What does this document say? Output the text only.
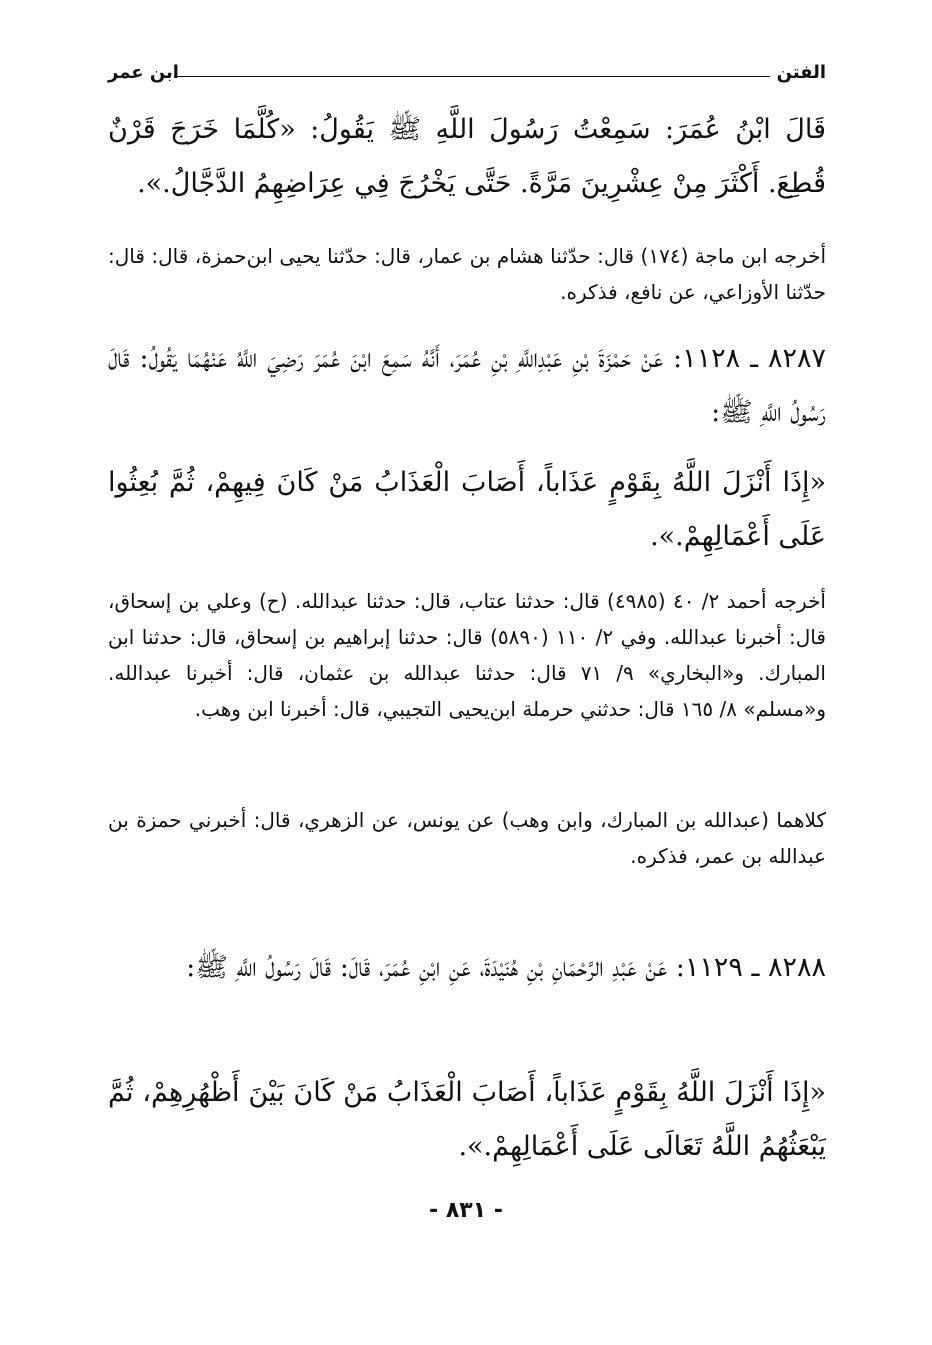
الفتن
ابن عمر
قَالَ ابْنُ عُمَرَ: سَمِعْتُ رَسُولَ اللَّهِ ﷺ يَقُولُ: «كُلَّمَا خَرَجَ قَرْنٌ قُطِعَ. أَكْثَرَ مِنْ عِشْرِينَ مَرَّةً. حَتَّى يَخْرُجَ فِي عِرَاضِهِمُ الدَّجَّالُ.».
أخرجه ابن ماجة (١٧٤) قال: حدّثنا هشام بن عمار، قال: حدّثنا يحيى ابن‌حمزة، قال: قال: حدّثنا الأوزاعي، عن نافع، فذكره.
٨٢٨٧ ـ ١١٢٨: عَنْ حَمْزَةَ بْنِ عَبْدِاللَّهِ بْنِ عُمَرَ، أَنَّهُ سَمِعَ ابْنَ عُمَرَ رَضِيَ اللَّهُ عَنْهُمَا يَقُولُ: قَالَ رَسُولُ اللَّهِ ﷺ:
«إِذَا أَنْزَلَ اللَّهُ بِقَوْمٍ عَذَاباً، أَصَابَ الْعَذَابُ مَنْ كَانَ فِيهِمْ، ثُمَّ بُعِثُوا عَلَى أَعْمَالِهِمْ.».
أخرجه أحمد ٢/ ٤٠ (٤٩٨٥) قال: حدثنا عتاب، قال: حدثنا عبدالله. (ح) وعلي بن إسحاق، قال: أخبرنا عبدالله. وفي ٢/ ١١٠ (٥٨٩٠) قال: حدثنا إبراهيم بن إسحاق، قال: حدثنا ابن المبارك. و«البخاري» ٩/ ٧١ قال: حدثنا عبدالله بن عثمان، قال: أخبرنا عبدالله. و«مسلم» ٨/ ١٦٥ قال: حدثني حرملة ابن‌يحيى التجيبي، قال: أخبرنا ابن وهب.
كلاهما (عبدالله بن المبارك، وابن وهب) عن يونس، عن الزهري، قال: أخبرني حمزة بن عبدالله بن عمر، فذكره.
٨٢٨٨ ـ ١١٢٩: عَنْ عَبْدِ الرَّحْمَانِ بْنِ هُنَيْدَةَ، عَنِ ابْنِ عُمَرَ، قَالَ: قَالَ رَسُولُ اللَّهِ ﷺ:
«إِذَا أَنْزَلَ اللَّهُ بِقَوْمٍ عَذَاباً، أَصَابَ الْعَذَابُ مَنْ كَانَ بَيْنَ أَظْهُرِهِمْ، ثُمَّ يَبْعَثُهُمُ اللَّهُ تَعَالَى عَلَى أَعْمَالِهِمْ.».
- ٨٣١ -
